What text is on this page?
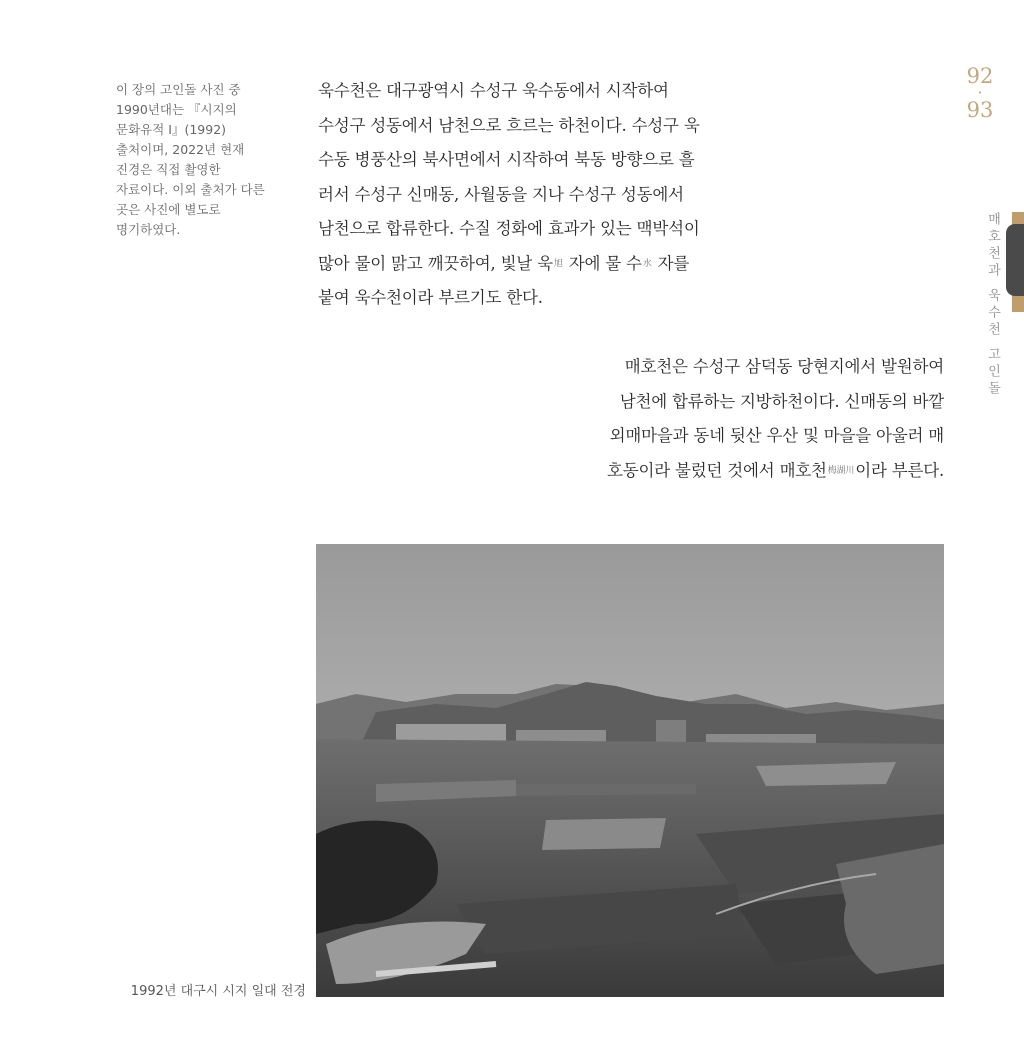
이 장의 고인돌 사진 중 1990년대는 『시지의 문화유적 Ⅰ』(1992) 출처이며, 2022년 현재 진경은 직접 촬영한 자료이다. 이외 출처가 다른 곳은 사진에 별도로 명기하였다.

욱수천은 대구광역시 수성구 욱수동에서 시작하여
수성구 성동에서 남천으로 흐르는 하천이다. 수성구 욱
수동 병풍산의 북사면에서 시작하여 북동 방향으로 흘
러서 수성구 신매동, 사월동을 지나 수성구 성동에서
남천으로 합류한다. 수질 정화에 효과가 있는 맥박석이
많아 물이 맑고 깨끗하여, 빛날 욱$^旭$ 자에 물 수$^水$ 자를
붙여 욱수천이라 부르기도 한다.
매호천은 수성구 삼덕동 당현지에서 발원하여
남천에 합류하는 지방하천이다. 신매동의 바깥
외매마을과 동네 뒷산 우산 및 마을을 아울러 매
호동이라 불렀던 것에서 매호천$^{梅湖川}$이라 부른다.
92
·
93
매호천과 욱수천 고인돌
1992년 대구시 시지 일대 전경
